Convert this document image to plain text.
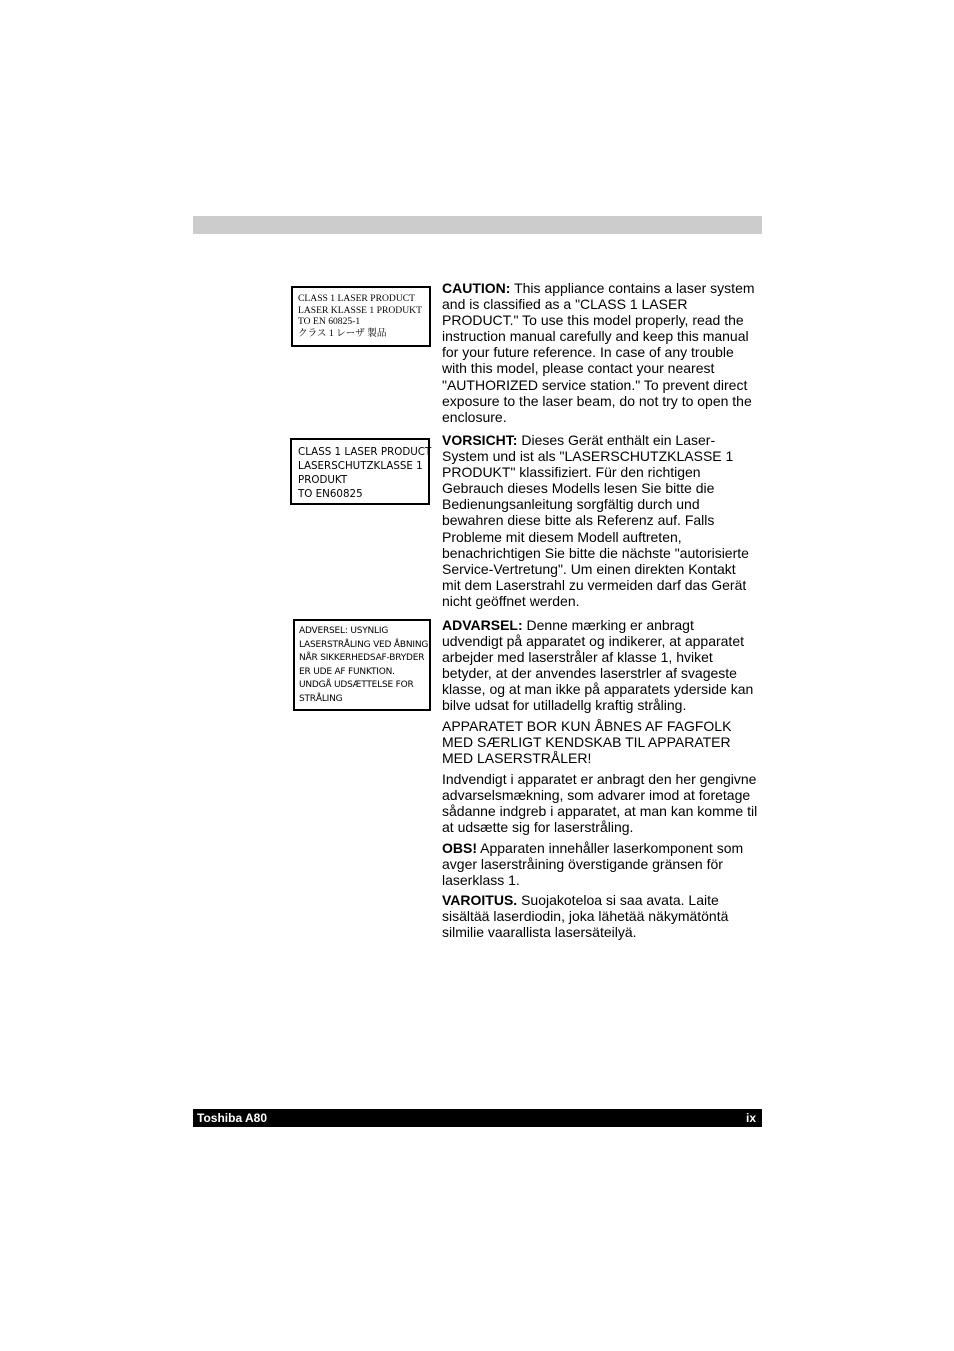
CLASS 1 LASER PRODUCT
LASER KLASSE 1 PRODUKT
TO EN 60825-1
クラス 1 レーザ 製品
CLASS 1 LASER PRODUCT
LASERSCHUTZKLASSE 1
PRODUKT
TO EN60825
ADVERSEL: USYNLIG
LASERSTRÅLING VED ÅBNING,
NÅR SIKKERHEDSAF-BRYDER
ER UDE AF FUNKTION.
UNDGÅ UDSÆTTELSE FOR
STRÅLING

CAUTION: This appliance contains a laser system and is classified as a "CLASS 1 LASER PRODUCT." To use this model properly, read the instruction manual carefully and keep this manual for your future reference. In case of any trouble with this model, please contact your nearest "AUTHORIZED service station." To prevent direct exposure to the laser beam, do not try to open the enclosure.

VORSICHT: Dieses Gerät enthält ein Laser-System und ist als "LASERSCHUTZKLASSE 1 PRODUKT" klassifiziert. Für den richtigen Gebrauch dieses Modells lesen Sie bitte die Bedienungsanleitung sorgfältig durch und bewahren diese bitte als Referenz auf. Falls Probleme mit diesem Modell auftreten, benachrichtigen Sie bitte die nächste "autorisierte Service-Vertretung". Um einen direkten Kontakt mit dem Laserstrahl zu vermeiden darf das Gerät nicht geöffnet werden.

ADVARSEL: Denne mærking er anbragt udvendigt på apparatet og indikerer, at apparatet arbejder med laserstråler af klasse 1, hviket betyder, at der anvendes laserstrler af svageste klasse, og at man ikke på apparatets yderside kan bilve udsat for utilladellg kraftig stråling.

APPARATET BOR KUN ÅBNES AF FAGFOLK MED SÆRLIGT KENDSKAB TIL APPARATER MED LASERSTRÅLER!

Indvendigt i apparatet er anbragt den her gengivne advarselsmækning, som advarer imod at foretage sådanne indgreb i apparatet, at man kan komme til at udsætte sig for laserstråling.

OBS! Apparaten innehåller laserkomponent som avger laserstråining överstigande gränsen för laserklass 1.

VAROITUS. Suojakoteloa si saa avata. Laite sisältää laserdiodin, joka lähetää näkymätöntä silmilie vaarallista lasersäteilyä.

Toshiba A80	ix
